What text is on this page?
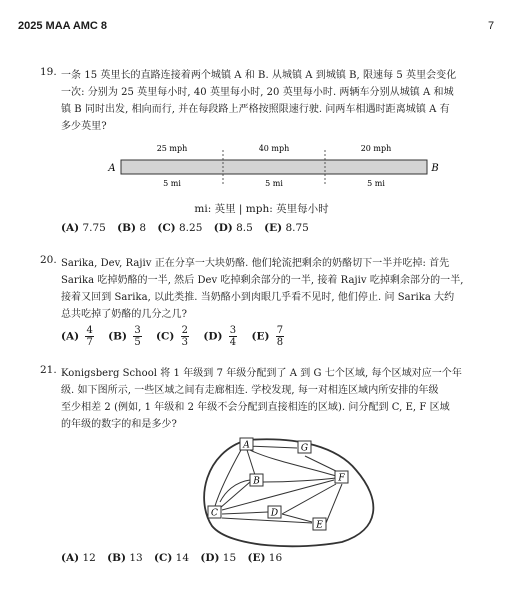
2025 MAA AMC 8	7
19. 一条 15 英里长的直路连接着两个城镇 A 和 B. 从城镇 A 到城镇 B, 限速每 5 英里会变化
一次: 分别为 25 英里每小时, 40 英里每小时, 20 英里每小时. 两辆车分别从城镇 A 和城
镇 B 同时出发, 相向而行, 并在每段路上严格按照限速行驶. 问两车相遇时距离城镇 A 有
多少英里?
A	B
25 mph	40 mph	20 mph
5 mi	5 mi	5 mi
mi: 英里 | mph: 英里每小时
(A) 7.75 (B) 8 (C) 8.25 (D) 8.5 (E) 8.75
20. Sarika, Dev, Rajiv 正在分享一大块奶酪. 他们轮流把剩余的奶酪切下一半并吃掉: 首先
Sarika 吃掉奶酪的一半, 然后 Dev 吃掉剩余部分的一半, 接着 Rajiv 吃掉剩余部分的一半,
接着又回到 Sarika, 以此类推. 当奶酪小到肉眼几乎看不见时, 他们停止. 问 Sarika 大约
总共吃掉了奶酪的几分之几?
$(A) \frac{4}{7} (B) \frac{3}{5} (C) \frac{2}{3} (D) \frac{3}{4} (E) \frac{7}{8}$
21. Konigsberg School 将 1 年级到 7 年级分配到了 A 到 G 七个区域, 每个区域对应一个年
级. 如下图所示, 一些区域之间有走廊相连. 学校发现, 每一对相连区域内所安排的年级
至少相差 2 (例如, 1 年级和 2 年级不会分配到直接相连的区域). 问分配到 C, E, F 区域
的年级的数字的和是多少?
A	G
B	F
C	D
E
(A) 12 (B) 13 (C) 14 (D) 15 (E) 16
